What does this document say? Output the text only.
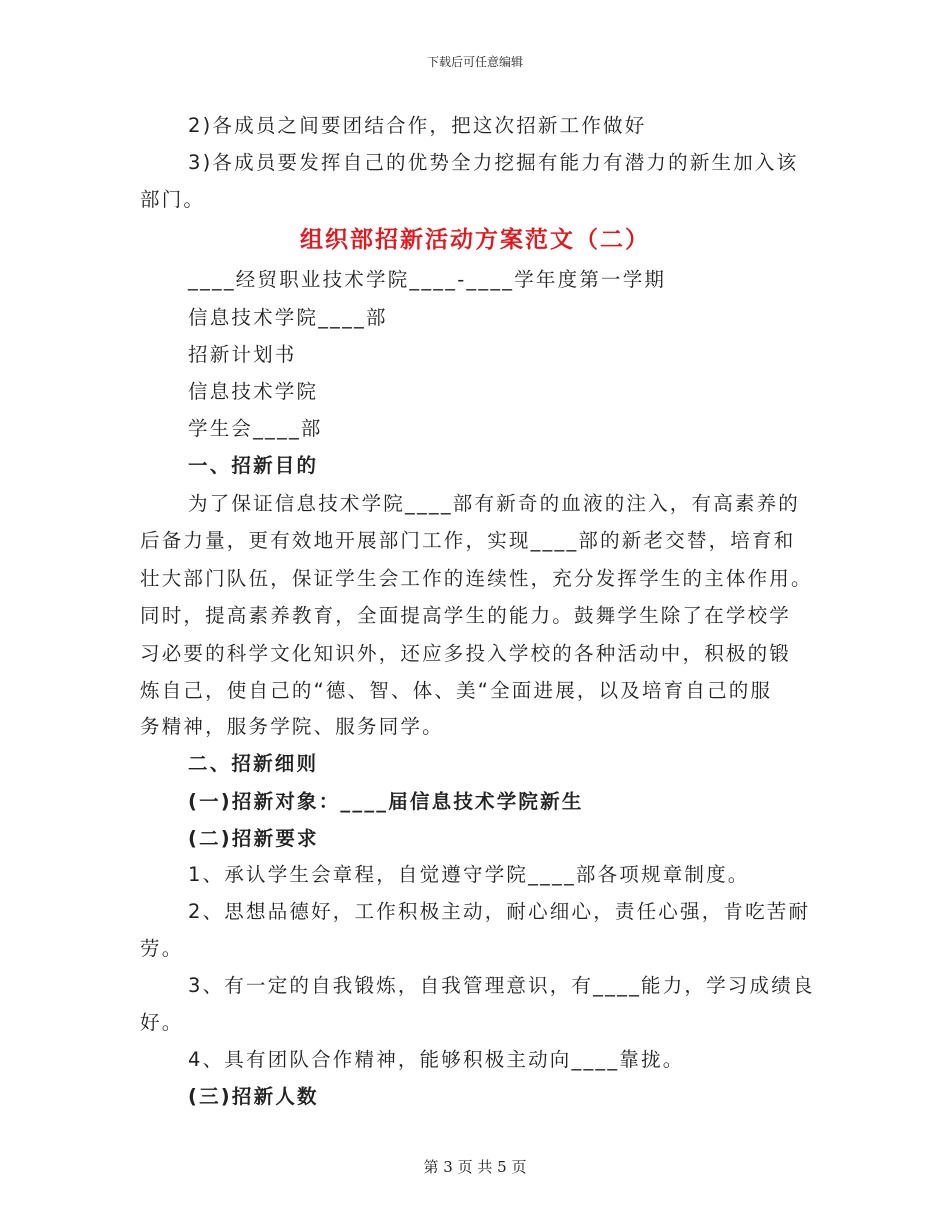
下载后可任意编辑

2)各成员之间要团结合作，把这次招新工作做好

3)各成员要发挥自己的优势全力挖掘有能力有潜力的新生加入该

部门。

组织部招新活动方案范文（二）

____经贸职业技术学院____-____学年度第一学期

信息技术学院____部

招新计划书

信息技术学院

学生会____部

一、招新目的

为了保证信息技术学院____部有新奇的血液的注入，有高素养的

后备力量，更有效地开展部门工作，实现____部的新老交替，培育和

壮大部门队伍，保证学生会工作的连续性，充分发挥学生的主体作用。

同时，提高素养教育，全面提高学生的能力。鼓舞学生除了在学校学

习必要的科学文化知识外，还应多投入学校的各种活动中，积极的锻

炼自己，使自己的“德、智、体、美“全面进展，以及培育自己的服

务精神，服务学院、服务同学。

二、招新细则

(一)招新对象：____届信息技术学院新生

(二)招新要求

1、承认学生会章程，自觉遵守学院____部各项规章制度。

2、思想品德好，工作积极主动，耐心细心，责任心强，肯吃苦耐

劳。

3、有一定的自我锻炼，自我管理意识，有____能力，学习成绩良

好。

4、具有团队合作精神，能够积极主动向____靠拢。

(三)招新人数

第 3 页 共 5 页
